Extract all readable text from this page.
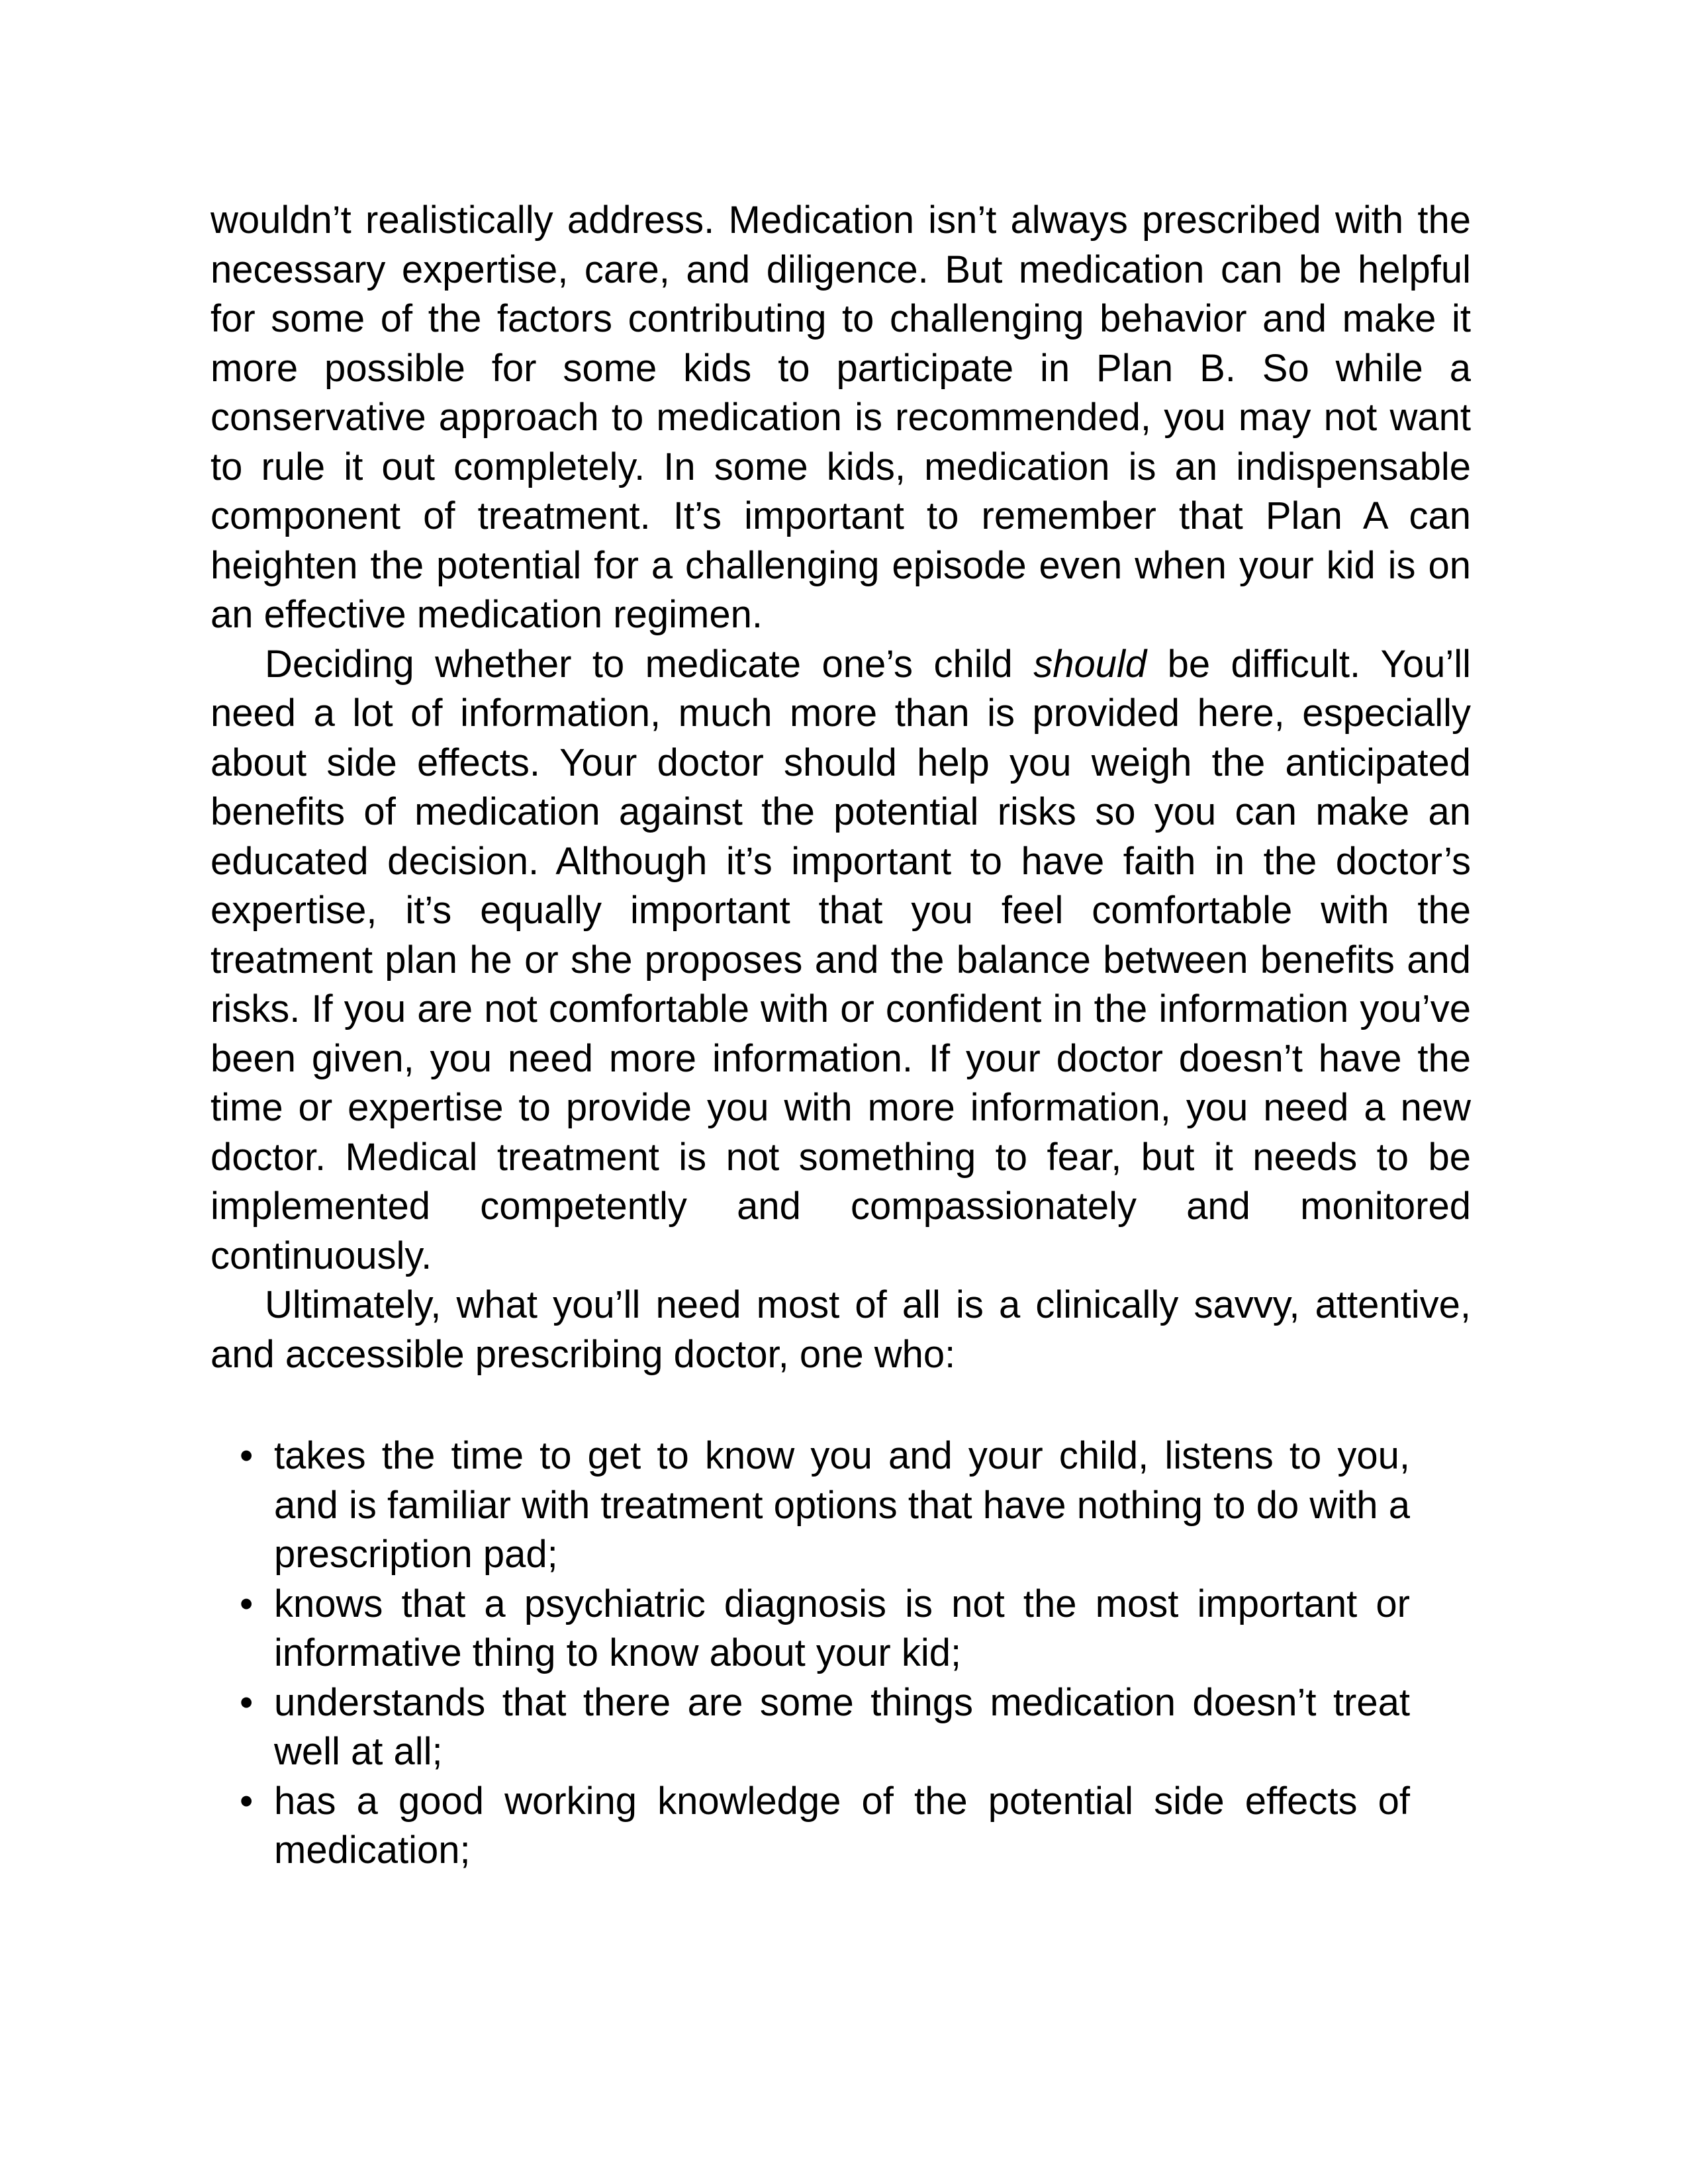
wouldn’t realistically address. Medication isn’t always prescribed with the necessary expertise, care, and diligence. But medication can be helpful for some of the factors contributing to challenging behavior and make it more possible for some kids to participate in Plan B. So while a conservative approach to medication is recommended, you may not want to rule it out completely. In some kids, medication is an indispensable component of treatment. It’s important to remember that Plan A can heighten the potential for a challenging episode even when your kid is on an effective medication regimen.

Deciding whether to medicate one’s child should be difficult. You’ll need a lot of information, much more than is provided here, especially about side effects. Your doctor should help you weigh the anticipated benefits of medication against the potential risks so you can make an educated decision. Although it’s important to have faith in the doctor’s expertise, it’s equally important that you feel comfortable with the treatment plan he or she proposes and the balance between benefits and risks. If you are not comfortable with or confident in the information you’ve been given, you need more information. If your doctor doesn’t have the time or expertise to provide you with more information, you need a new doctor. Medical treatment is not something to fear, but it needs to be implemented competently and compassionately and monitored continuously.

Ultimately, what you’ll need most of all is a clinically savvy, attentive, and accessible prescribing doctor, one who:

• takes the time to get to know you and your child, listens to you, and is familiar with treatment options that have nothing to do with a prescription pad;
• knows that a psychiatric diagnosis is not the most important or informative thing to know about your kid;
• understands that there are some things medication doesn’t treat well at all;
• has a good working knowledge of the potential side effects of medication;
